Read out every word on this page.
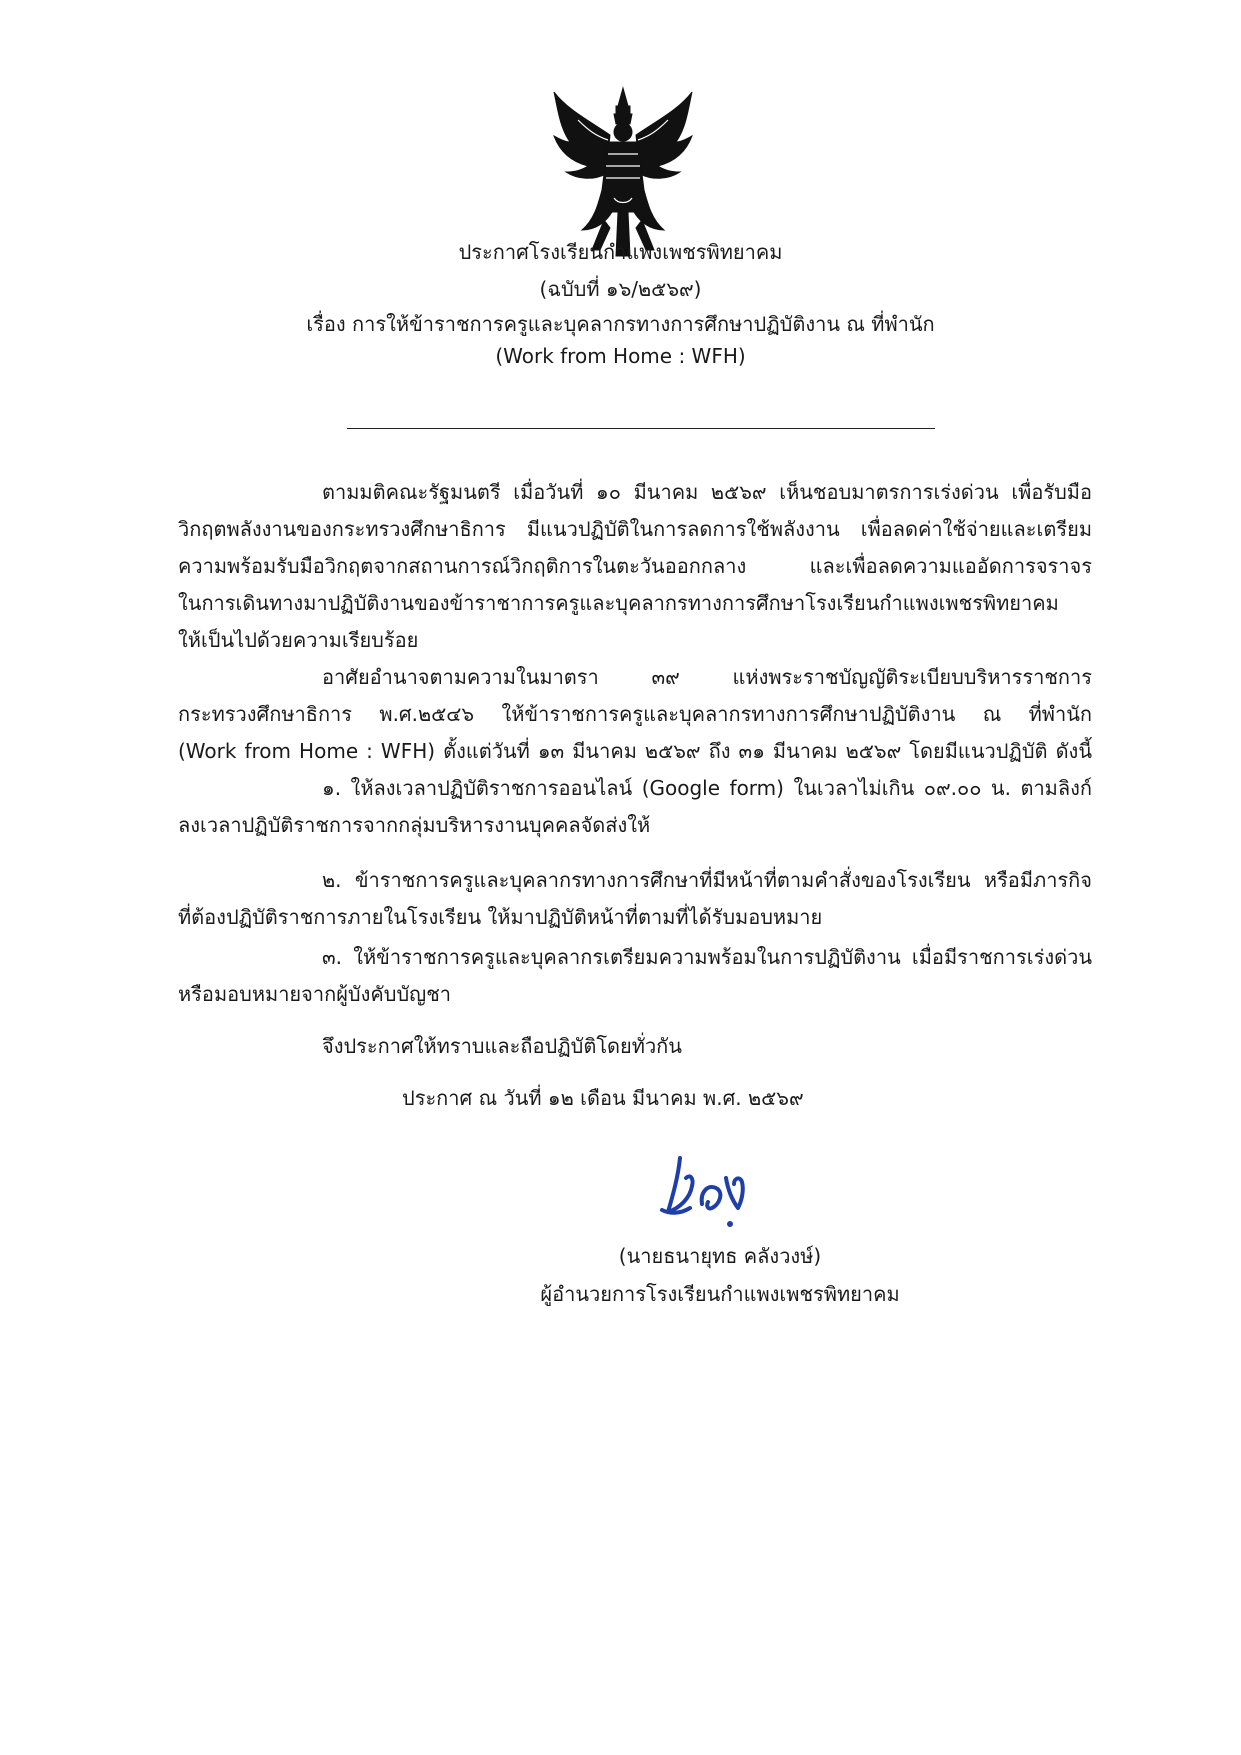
ประกาศโรงเรียนกำแพงเพชรพิทยาคม
(ฉบับที่ ๑๖/๒๕๖๙)
เรื่อง การให้ข้าราชการครูและบุคลากรทางการศึกษาปฏิบัติงาน ณ ที่พำนัก
(Work from Home : WFH)
ตามมติคณะรัฐมนตรี เมื่อวันที่ ๑๐ มีนาคม ๒๕๖๙ เห็นชอบมาตรการเร่งด่วน เพื่อรับมือ
วิกฤตพลังงานของกระทรวงศึกษาธิการ มีแนวปฏิบัติในการลดการใช้พลังงาน เพื่อลดค่าใช้จ่ายและเตรียม
ความพร้อมรับมือวิกฤตจากสถานการณ์วิกฤติการในตะวันออกกลาง และเพื่อลดความแออัดการจราจร
ในการเดินทางมาปฏิบัติงานของข้าราชาการครูและบุคลากรทางการศึกษาโรงเรียนกำแพงเพชรพิทยาคม
ให้เป็นไปด้วยความเรียบร้อย
อาศัยอำนาจตามความในมาตรา ๓๙ แห่งพระราชบัญญัติระเบียบบริหารราชการ
กระทรวงศึกษาธิการ พ.ศ.๒๕๔๖ ให้ข้าราชการครูและบุคลากรทางการศึกษาปฏิบัติงาน ณ ที่พำนัก
(Work from Home : WFH) ตั้งแต่วันที่ ๑๓ มีนาคม ๒๕๖๙ ถึง ๓๑ มีนาคม ๒๕๖๙ โดยมีแนวปฏิบัติ ดังนี้
๑. ให้ลงเวลาปฏิบัติราชการออนไลน์ (Google form) ในเวลาไม่เกิน ๐๙.๐๐ น. ตามลิงก์
ลงเวลาปฏิบัติราชการจากกลุ่มบริหารงานบุคคลจัดส่งให้
๒. ข้าราชการครูและบุคลากรทางการศึกษาที่มีหน้าที่ตามคำสั่งของโรงเรียน หรือมีภารกิจ
ที่ต้องปฏิบัติราชการภายในโรงเรียน ให้มาปฏิบัติหน้าที่ตามที่ได้รับมอบหมาย
๓. ให้ข้าราชการครูและบุคลากรเตรียมความพร้อมในการปฏิบัติงาน เมื่อมีราชการเร่งด่วน
หรือมอบหมายจากผู้บังคับบัญชา
จึงประกาศให้ทราบและถือปฏิบัติโดยทั่วกัน
ประกาศ ณ วันที่ ๑๒ เดือน มีนาคม พ.ศ. ๒๕๖๙
(นายธนายุทธ คลังวงษ์)
ผู้อำนวยการโรงเรียนกำแพงเพชรพิทยาคม
